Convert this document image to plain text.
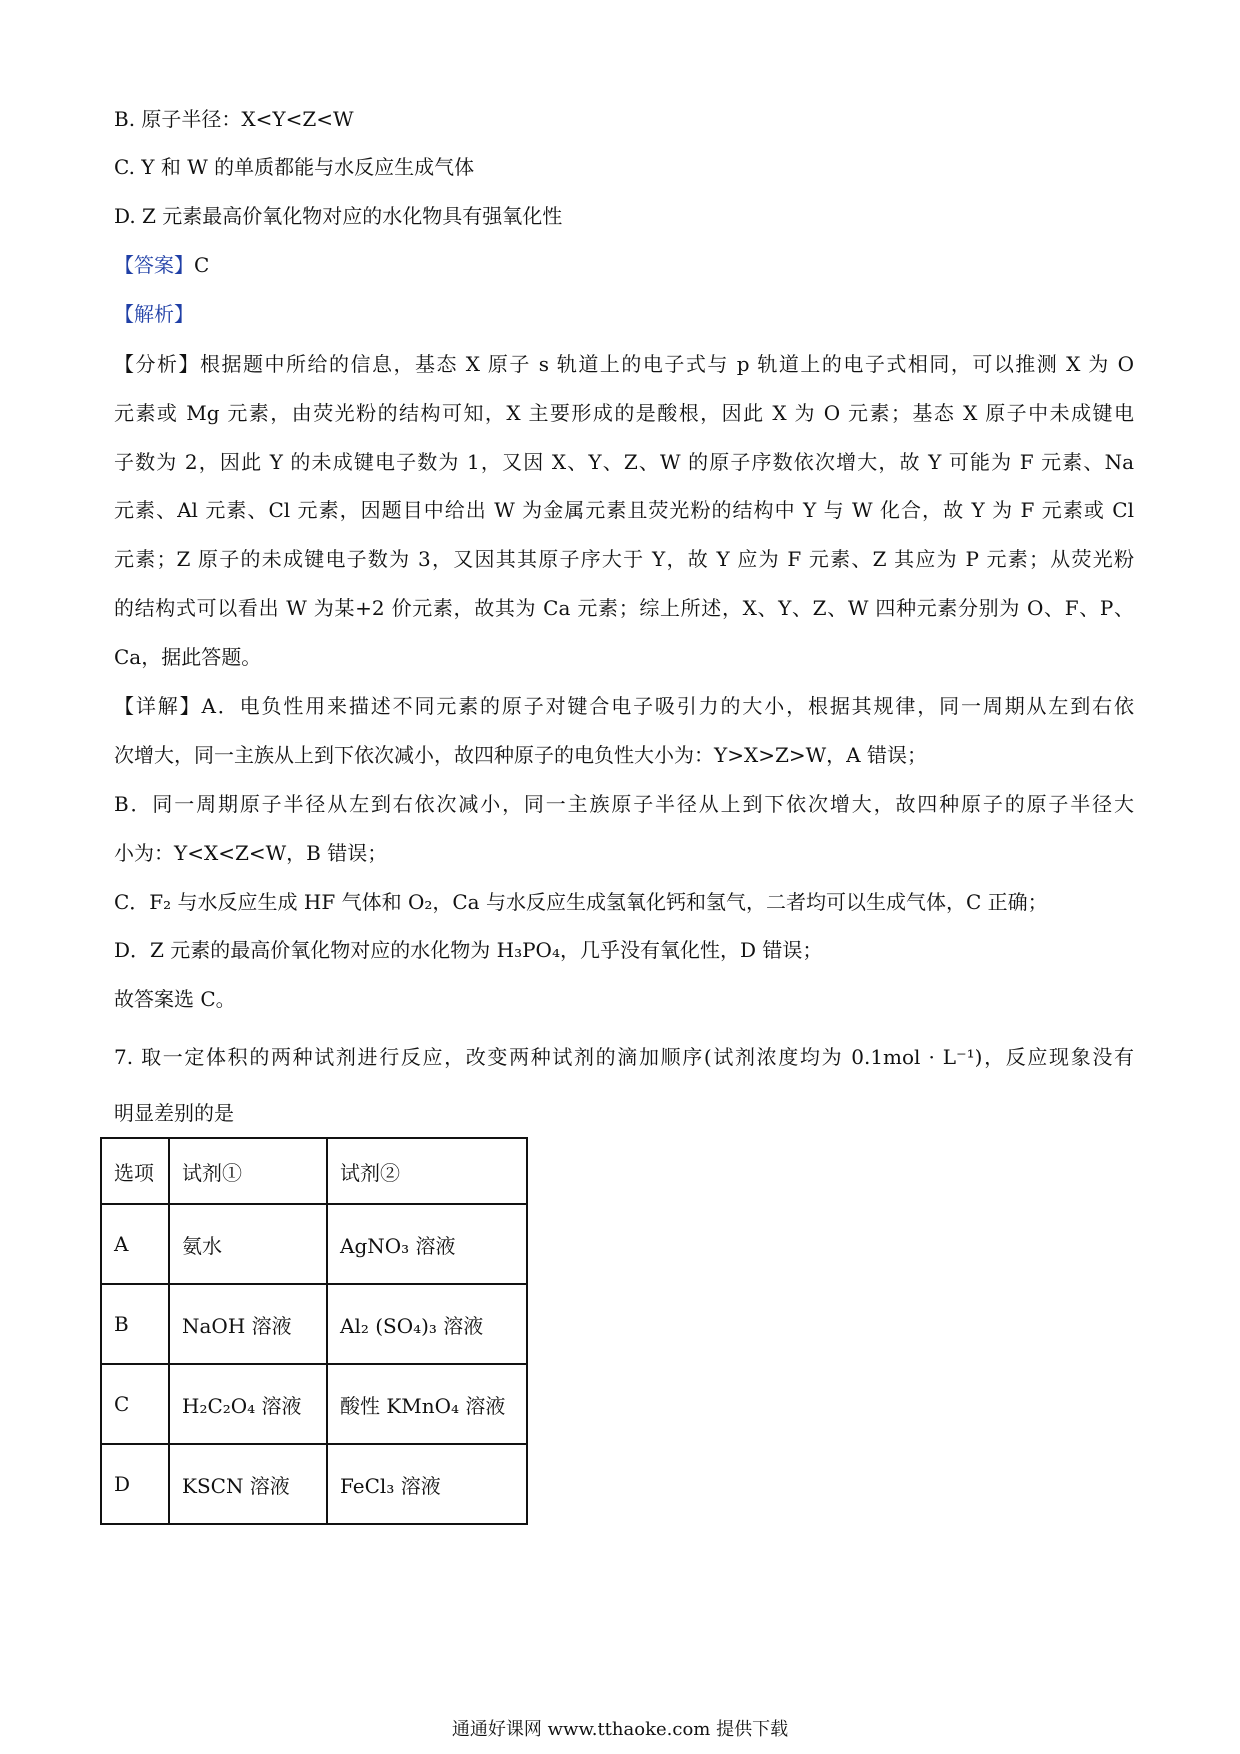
B. 原子半径：X<Y<Z<W
C. Y 和 W 的单质都能与水反应生成气体
D. Z 元素最高价氧化物对应的水化物具有强氧化性
【答案】C
【解析】
【分析】根据题中所给的信息，基态 X 原子 s 轨道上的电子式与 p 轨道上的电子式相同，可以推测 X 为 O
元素或 Mg 元素，由荧光粉的结构可知，X 主要形成的是酸根，因此 X 为 O 元素；基态 X 原子中未成键电
子数为 2，因此 Y 的未成键电子数为 1，又因 X、Y、Z、W 的原子序数依次增大，故 Y 可能为 F 元素、Na
元素、Al 元素、Cl 元素，因题目中给出 W 为金属元素且荧光粉的结构中 Y 与 W 化合，故 Y 为 F 元素或 Cl
元素；Z 原子的未成键电子数为 3，又因其其原子序大于 Y，故 Y 应为 F 元素、Z 其应为 P 元素；从荧光粉
的结构式可以看出 W 为某+2 价元素，故其为 Ca 元素；综上所述，X、Y、Z、W 四种元素分别为 O、F、P、
Ca，据此答题。
【详解】A．电负性用来描述不同元素的原子对键合电子吸引力的大小，根据其规律，同一周期从左到右依
次增大，同一主族从上到下依次减小，故四种原子的电负性大小为：Y>X>Z>W，A 错误；
B．同一周期原子半径从左到右依次减小，同一主族原子半径从上到下依次增大，故四种原子的原子半径大
小为：Y<X<Z<W，B 错误；
C．F₂ 与水反应生成 HF 气体和 O₂，Ca 与水反应生成氢氧化钙和氢气，二者均可以生成气体，C 正确；
D．Z 元素的最高价氧化物对应的水化物为 H₃PO₄，几乎没有氧化性，D 错误；
故答案选 C。
7. 取一定体积的两种试剂进行反应，改变两种试剂的滴加顺序(试剂浓度均为 0.1mol · L⁻¹)，反应现象没有
明显差别的是
选项	试剂①	试剂②
A	氨水	AgNO₃ 溶液
B	NaOH 溶液	Al₂ (SO₄)₃ 溶液
C	H₂C₂O₄ 溶液	酸性 KMnO₄ 溶液
D	KSCN 溶液	FeCl₃ 溶液
通通好课网 www.tthaoke.com 提供下载
